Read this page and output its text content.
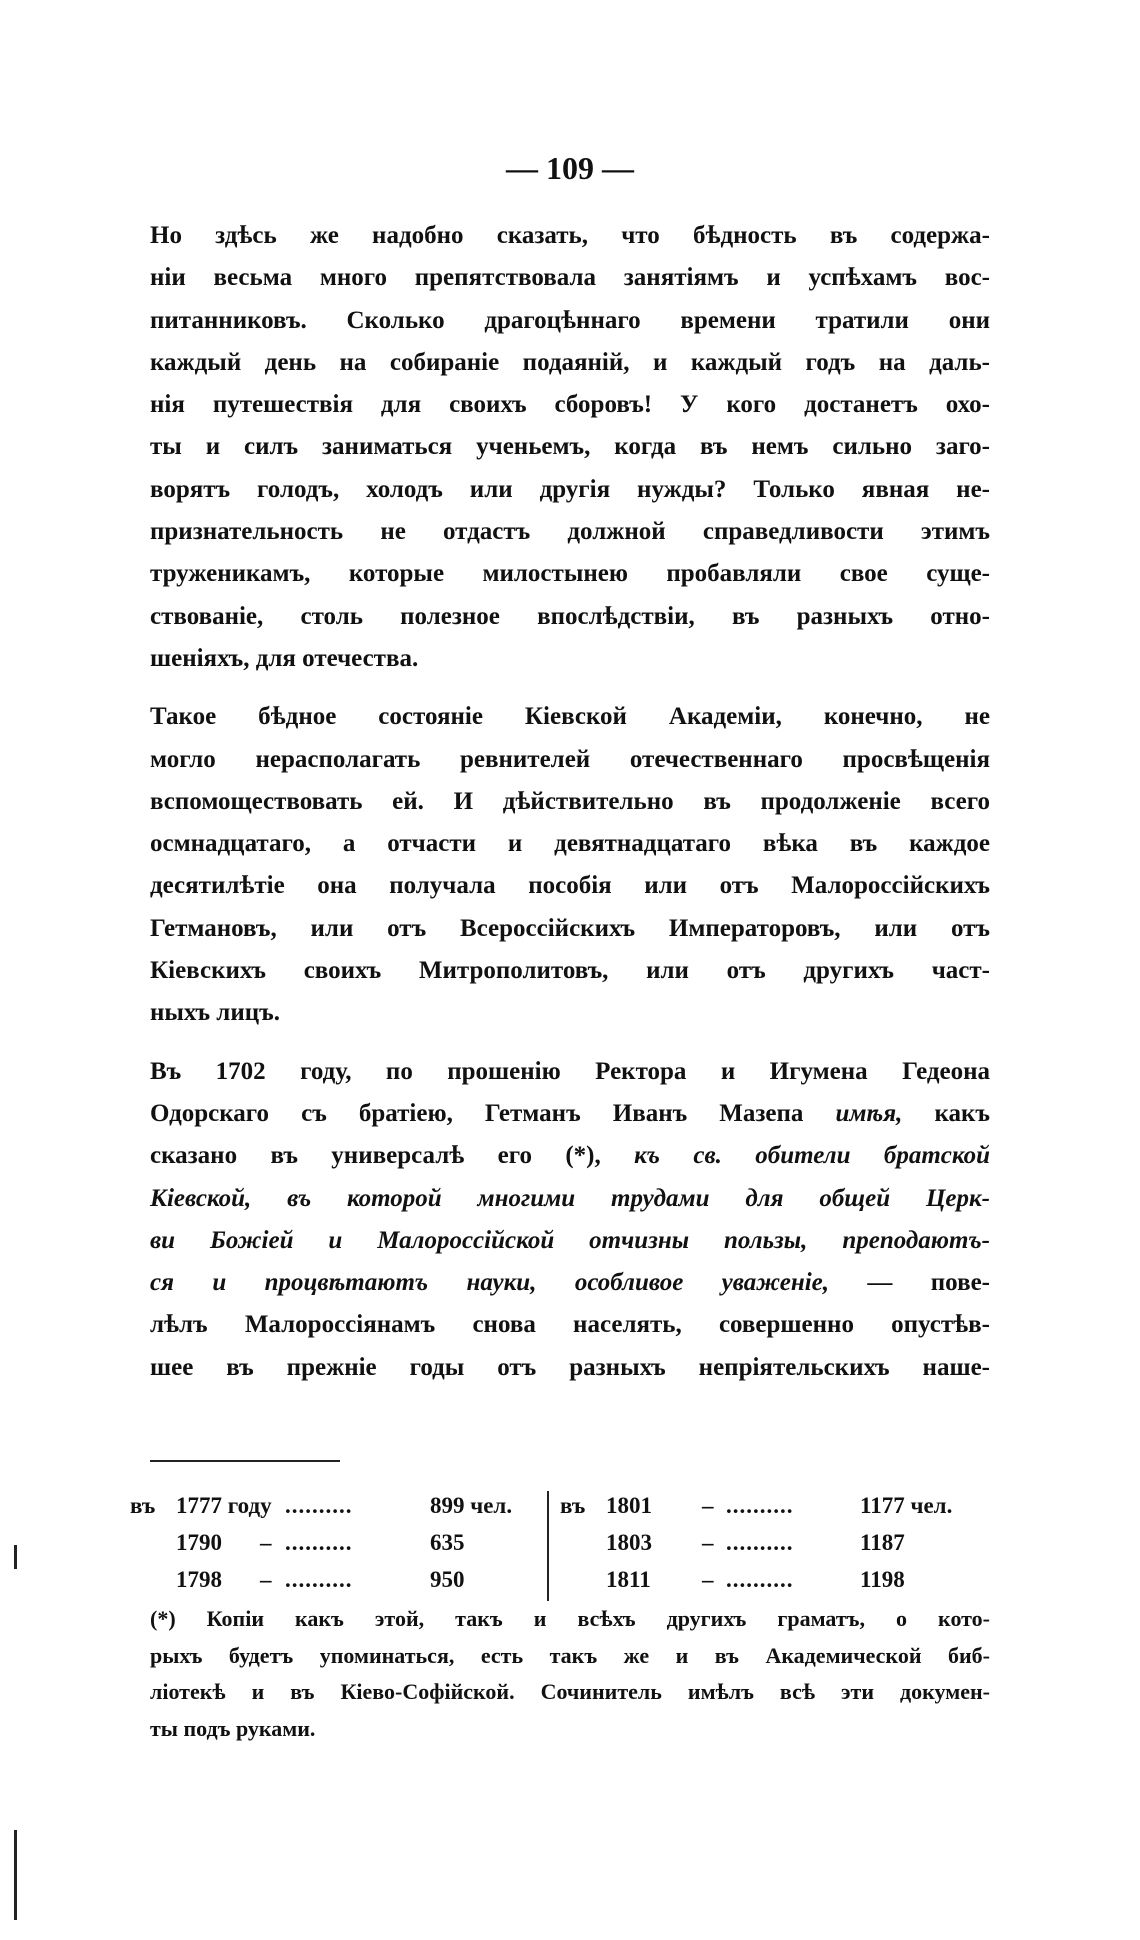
— 109 —
Но здѣсь же надобно сказать, что бѣдность въ содержа-
ніи весьма много препятствовала занятіямъ и успѣхамъ вос-
питанниковъ. Сколько драгоцѣннаго времени тратили они
каждый день на собираніе подаяній, и каждый годъ на даль-
нія путешествія для своихъ сборовъ! У кого достанетъ охо-
ты и силъ заниматься ученьемъ, когда въ немъ сильно заго-
ворятъ голодъ, холодъ или другія нужды? Только явная не-
признательность не отдастъ должной справедливости этимъ
труженикамъ, которые милостынею пробавляли свое суще-
ствованіе, столь полезное впослѣдствіи, въ разныхъ отно-
шеніяхъ, для отечества.
Такое бѣдное состояніе Кіевской Академіи, конечно, не
могло нерасполагать ревнителей отечественнаго просвѣщенія
вспомоществовать ей. И дѣйствительно въ продолженіе всего
осмнадцатаго, а отчасти и девятнадцатаго вѣка въ каждое
десятилѣтіе она получала пособія или отъ Малороссійскихъ
Гетмановъ, или отъ Всероссійскихъ Императоровъ, или отъ
Кіевскихъ своихъ Митрополитовъ, или отъ другихъ част-
ныхъ лицъ.
Въ 1702 году, по прошенію Ректора и Игумена Гедеона
Одорскаго съ братіею, Гетманъ Иванъ Мазепа имѣя, какъ
сказано въ универсалѣ его (*), къ св. обители братской
Кіевской, въ которой многими трудами для общей Церк-
ви Божіей и Малороссійской отчизны пользы, преподаютъ-
ся и процвѣтаютъ науки, особливое уваженіе, — пове-
лѣлъ Малороссіянамъ снова населять, совершенно опустѣв-
шее въ прежніе годы отъ разныхъ непріятельскихъ наше-
въ 1777 году ..........	899 чел.
1790 – ..........	635
1798 – ..........	950
въ 1801 – ..........	1177 чел.
1803 – ..........	1187
1811 – ..........	1198
(*) Копіи какъ этой, такъ и всѣхъ другихъ граматъ, о кото-
рыхъ будетъ упоминаться, есть такъ же и въ Академической биб-
ліотекѣ и въ Кіево-Софійской. Сочинитель имѣлъ всѣ эти докумен-
ты подъ руками.
